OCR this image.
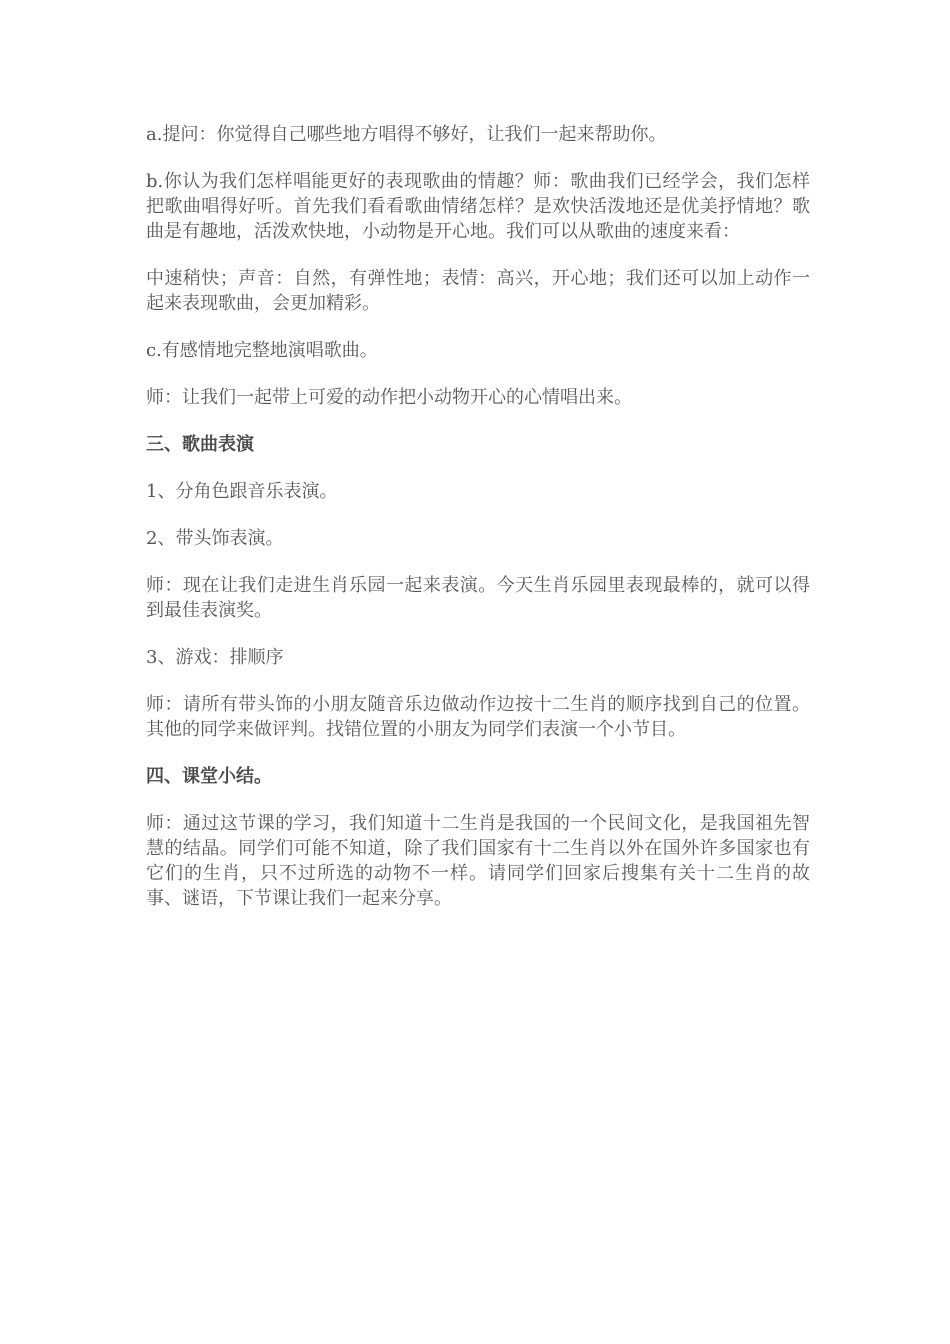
a.提问：你觉得自己哪些地方唱得不够好，让我们一起来帮助你。

b.你认为我们怎样唱能更好的表现歌曲的情趣？师：歌曲我们已经学会，我们怎样把歌曲唱得好听。首先我们看看歌曲情绪怎样？是欢快活泼地还是优美抒情地？歌曲是有趣地，活泼欢快地，小动物是开心地。我们可以从歌曲的速度来看：

中速稍快；声音：自然，有弹性地；表情：高兴，开心地；我们还可以加上动作一起来表现歌曲，会更加精彩。

c.有感情地完整地演唱歌曲。

师：让我们一起带上可爱的动作把小动物开心的心情唱出来。

三、歌曲表演

1、分角色跟音乐表演。

2、带头饰表演。

师：现在让我们走进生肖乐园一起来表演。今天生肖乐园里表现最棒的，就可以得到最佳表演奖。

3、游戏：排顺序

师：请所有带头饰的小朋友随音乐边做动作边按十二生肖的顺序找到自己的位置。其他的同学来做评判。找错位置的小朋友为同学们表演一个小节目。

四、课堂小结。

师：通过这节课的学习，我们知道十二生肖是我国的一个民间文化，是我国祖先智慧的结晶。同学们可能不知道，除了我们国家有十二生肖以外在国外许多国家也有它们的生肖，只不过所选的动物不一样。请同学们回家后搜集有关十二生肖的故事、谜语，下节课让我们一起来分享。
